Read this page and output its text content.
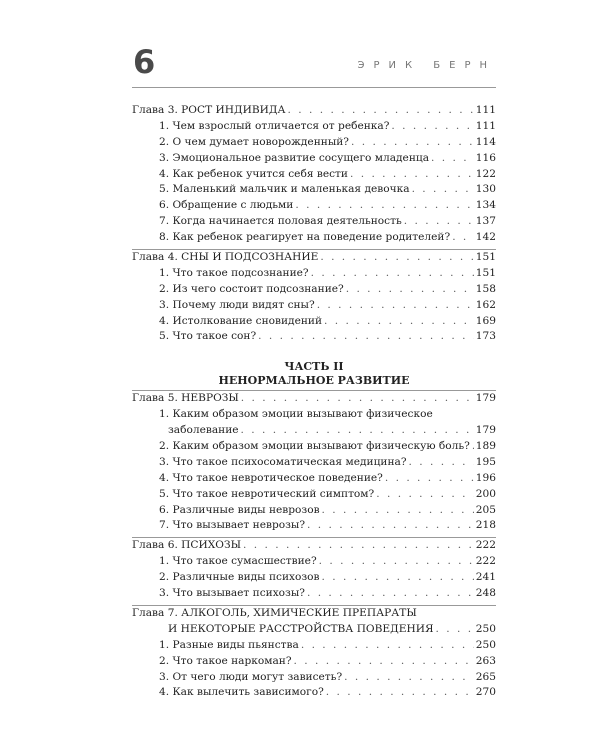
6	ЭРИК БЕРН
Глава 3. РОСТ ИНДИВИДА . . .	111
1. Чем взрослый отличается от ребенка? . . .	111
2. О чем думает новорожденный? . . .	114
3. Эмоциональное развитие сосущего младенца . . .	116
4. Как ребенок учится себя вести . . .	122
5. Маленький мальчик и маленькая девочка . . .	130
6. Обращение с людьми . . .	134
7. Когда начинается половая деятельность . . .	137
8. Как ребенок реагирует на поведение родителей? . . . 142
Глава 4. СНЫ И ПОДСОЗНАНИЕ . . .	151
1. Что такое подсознание? . . .	151
2. Из чего состоит подсознание? . . .	158
3. Почему люди видят сны? . . .	162
4. Истолкование сновидений . . .	169
5. Что такое сон? . . .	173
ЧАСТЬ II
НЕНОРМАЛЬНОЕ РАЗВИТИЕ
Глава 5. НЕВРОЗЫ . . .	179
1. Каким образом эмоции вызывают физическое
заболевание . . .	179
2. Каким образом эмоции вызывают физическую боль? . . . 189
3. Что такое психосоматическая медицина? . . .	195
4. Что такое невротическое поведение? . . .	196
5. Что такое невротический симптом? . . .	200
6. Различные виды неврозов . . .	205
7. Что вызывает неврозы? . . .	218
Глава 6. ПСИХОЗЫ . . .	222
1. Что такое сумасшествие? . . .	222
2. Различные виды психозов . . .	241
3. Что вызывает психозы? . . .	248
Глава 7. АЛКОГОЛЬ, ХИМИЧЕСКИЕ ПРЕПАРАТЫ
И НЕКОТОРЫЕ РАССТРОЙСТВА ПОВЕДЕНИЯ . . .	250
1. Разные виды пьянства . . .	250
2. Что такое наркоман? . . .	263
3. От чего люди могут зависеть? . . .	265
4. Как вылечить зависимого? . . .	270
